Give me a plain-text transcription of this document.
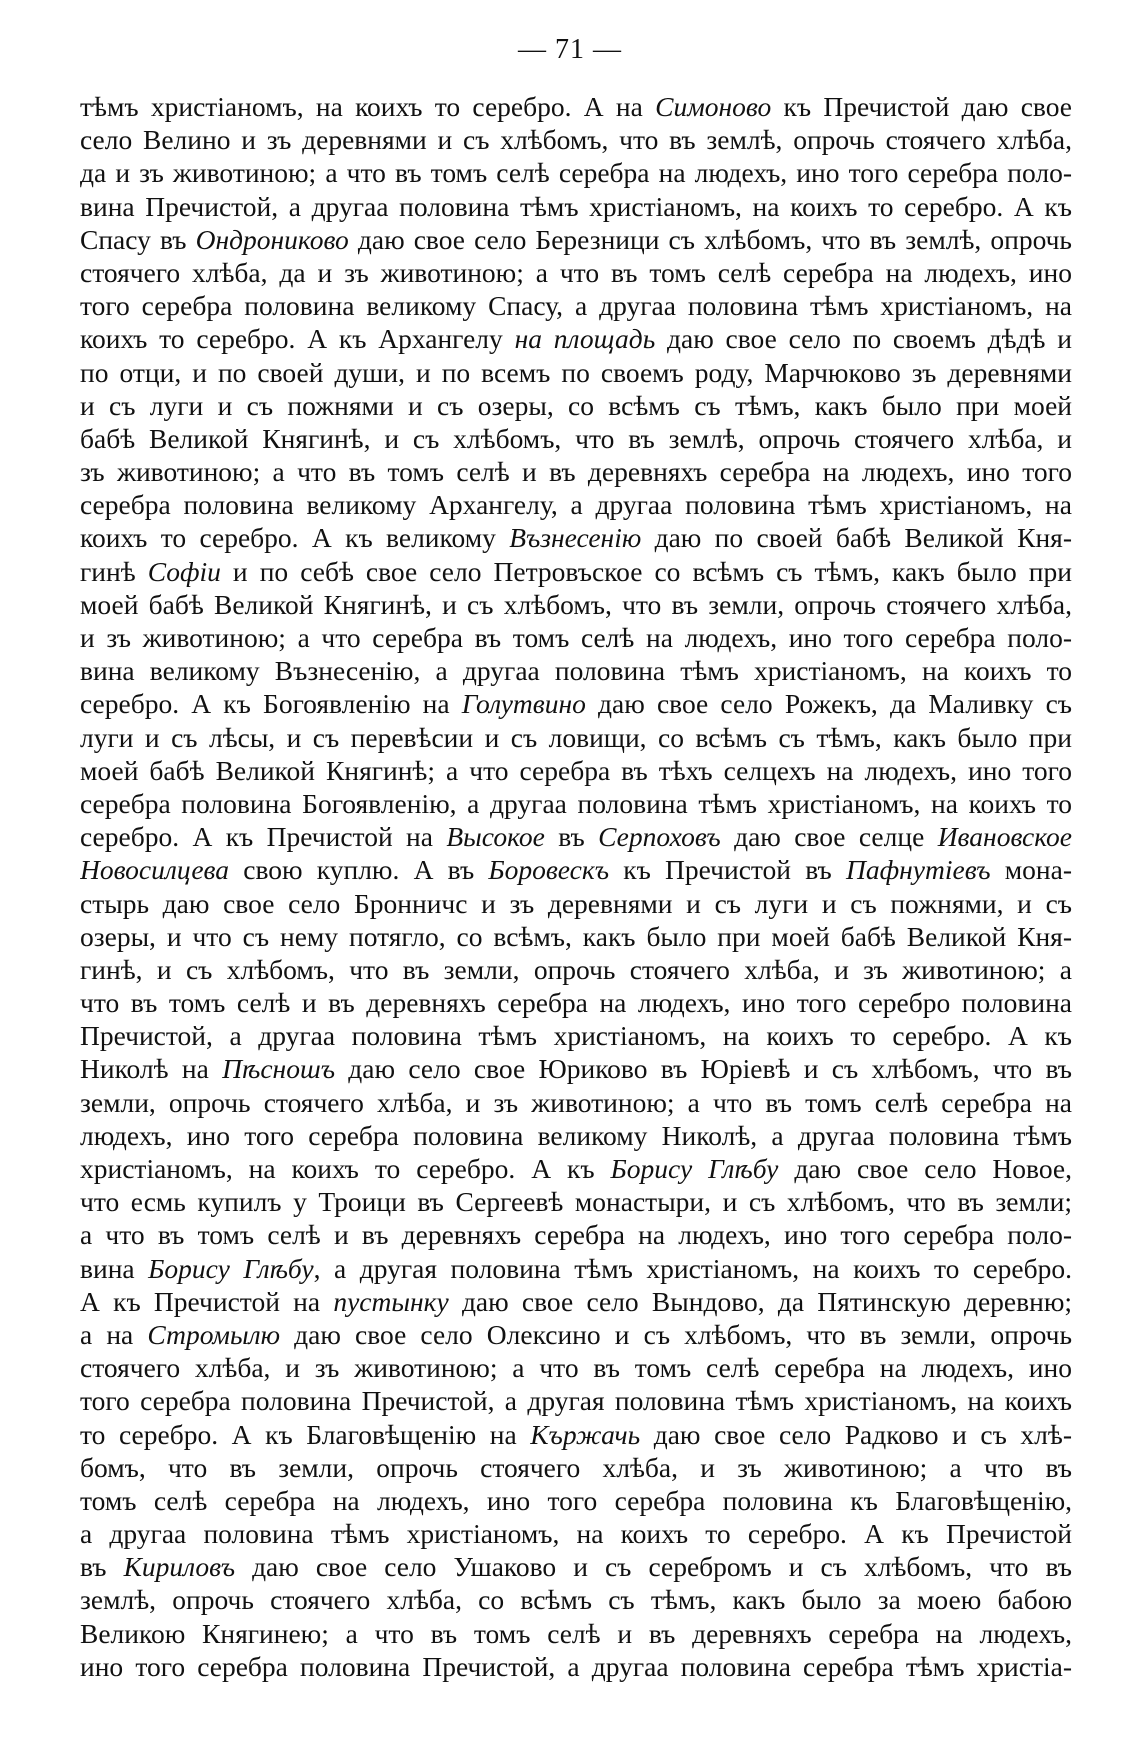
— 71 —
тѣмъ христіаномъ, на коихъ то серебро. А на Симоново къ Пречистой даю свое
село Велино и зъ деревнями и съ хлѣбомъ, что въ землѣ, опрочь стоячего хлѣба,
да и зъ животиною; а что въ томъ селѣ серебра на людехъ, ино того серебра поло-
вина Пречистой, а другаа половина тѣмъ христіаномъ, на коихъ то серебро. А къ
Спасу въ Ондрониково даю свое село Березници съ хлѣбомъ, что въ землѣ, опрочь
стоячего хлѣба, да и зъ животиною; а что въ томъ селѣ серебра на людехъ, ино
того серебра половина великому Спасу, а другаа половина тѣмъ христіаномъ, на
коихъ то серебро. А къ Архангелу на площадь даю свое село по своемъ дѣдѣ и
по отци, и по своей души, и по всемъ по своемъ роду, Марчюково зъ деревнями
и съ луги и съ пожнями и съ озеры, со всѣмъ съ тѣмъ, какъ было при моей
бабѣ Великой Княгинѣ, и съ хлѣбомъ, что въ землѣ, опрочь стоячего хлѣба, и
зъ животиною; а что въ томъ селѣ и въ деревняхъ серебра на людехъ, ино того
серебра половина великому Архангелу, а другаа половина тѣмъ христіаномъ, на
коихъ то серебро. А къ великому Възнесенію даю по своей бабѣ Великой Кня-
гинѣ Софіи и по себѣ свое село Петровъское со всѣмъ съ тѣмъ, какъ было при
моей бабѣ Великой Княгинѣ, и съ хлѣбомъ, что въ земли, опрочь стоячего хлѣба,
и зъ животиною; а что серебра въ томъ селѣ на людехъ, ино того серебра поло-
вина великому Възнесенію, а другаа половина тѣмъ христіаномъ, на коихъ то
серебро. А къ Богоявленію на Голутвино даю свое село Рожекъ, да Маливку съ
луги и съ лѣсы, и съ перевѣсии и съ ловищи, со всѣмъ съ тѣмъ, какъ было при
моей бабѣ Великой Княгинѣ; а что серебра въ тѣхъ селцехъ на людехъ, ино того
серебра половина Богоявленію, а другаа половина тѣмъ христіаномъ, на коихъ то
серебро. А къ Пречистой на Высокое въ Серпоховъ даю свое селце Ивановское
Новосилцева свою куплю. А въ Боровескъ къ Пречистой въ Пафнутіевъ мона-
стырь даю свое село Бронничс и зъ деревнями и съ луги и съ пожнями, и съ
озеры, и что съ нему потягло, со всѣмъ, какъ было при моей бабѣ Великой Кня-
гинѣ, и съ хлѣбомъ, что въ земли, опрочь стоячего хлѣба, и зъ животиною; а
что въ томъ селѣ и въ деревняхъ серебра на людехъ, ино того серебро половина
Пречистой, а другаа половина тѣмъ христіаномъ, на коихъ то серебро. А къ
Николѣ на Пѣсношъ даю село свое Юриково въ Юріевѣ и съ хлѣбомъ, что въ
земли, опрочь стоячего хлѣба, и зъ животиною; а что въ томъ селѣ серебра на
людехъ, ино того серебра половина великому Николѣ, а другаа половина тѣмъ
христіаномъ, на коихъ то серебро. А къ Борису Глѣбу даю свое село Новое,
что есмь купилъ у Троици въ Сергеевѣ монастыри, и съ хлѣбомъ, что въ земли;
а что въ томъ селѣ и въ деревняхъ серебра на людехъ, ино того серебра поло-
вина Борису Глѣбу, а другая половина тѣмъ христіаномъ, на коихъ то серебро.
А къ Пречистой на пустынку даю свое село Вындово, да Пятинскую деревню;
а на Стромылю даю свое село Олексино и съ хлѣбомъ, что въ земли, опрочь
стоячего хлѣба, и зъ животиною; а что въ томъ селѣ серебра на людехъ, ино
того серебра половина Пречистой, а другая половина тѣмъ христіаномъ, на коихъ
то серебро. А къ Благовѣщенію на Кържачь даю свое село Радково и съ хлѣ-
бомъ, что въ земли, опрочь стоячего хлѣба, и зъ животиною; а что въ
томъ селѣ серебра на людехъ, ино того серебра половина къ Благовѣщенію,
а другаа половина тѣмъ христіаномъ, на коихъ то серебро. А къ Пречистой
въ Кириловъ даю свое село Ушаково и съ серебромъ и съ хлѣбомъ, что въ
землѣ, опрочь стоячего хлѣба, со всѣмъ съ тѣмъ, какъ было за моею бабою
Великою Княгинею; а что въ томъ селѣ и въ деревняхъ серебра на людехъ,
ино того серебра половина Пречистой, а другаа половина серебра тѣмъ христіа-
